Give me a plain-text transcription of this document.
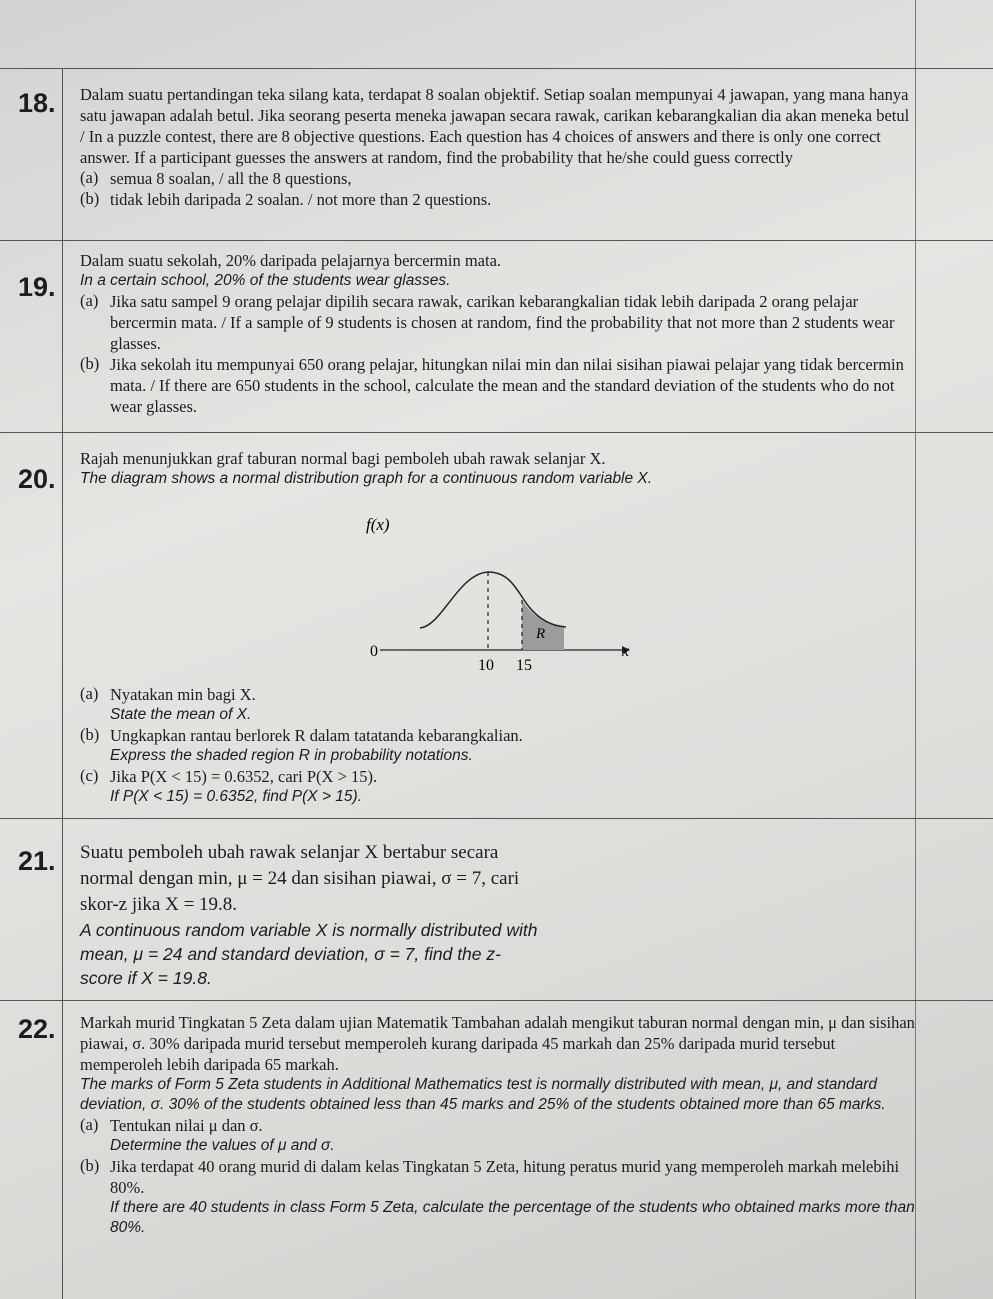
18. Dalam suatu pertandingan teka silang kata, terdapat 8 soalan objektif. Setiap soalan mempunyai 4 jawapan, yang mana hanya satu jawapan adalah betul. Jika seorang peserta meneka jawapan secara rawak, carikan kebarangkalian dia akan meneka betul / In a puzzle contest, there are 8 objective questions. Each question has 4 choices of answers and there is only one correct answer. If a participant guesses the answers at random, find the probability that he/she could guess correctly
(a) semua 8 soalan, / all the 8 questions,
(b) tidak lebih daripada 2 soalan. / not more than 2 questions.
19.
Dalam suatu sekolah, 20% daripada pelajarnya bercermin mata.
In a certain school, 20% of the students wear glasses.
(a) Jika satu sampel 9 orang pelajar dipilih secara rawak, carikan kebarangkalian tidak lebih daripada 2 orang pelajar bercermin mata. / If a sample of 9 students is chosen at random, find the probability that not more than 2 students wear glasses.
(b) Jika sekolah itu mempunyai 650 orang pelajar, hitungkan nilai min dan nilai sisihan piawai pelajar yang tidak bercermin mata. / If there are 650 students in the school, calculate the mean and the standard deviation of the students who do not wear glasses.
20.
Rajah menunjukkan graf taburan normal bagi pemboleh ubah rawak selanjar X.
The diagram shows a normal distribution graph for a continuous random variable X.
f(x)
x
0
R
10 15
(a) Nyatakan min bagi X.
State the mean of X.
(b) Ungkapkan rantau berlorek R dalam tatatanda kebarangkalian.
Express the shaded region R in probability notations.
(c) Jika P(X < 15) = 0.6352, cari P(X > 15).
If P(X < 15) = 0.6352, find P(X > 15).
21. Suatu pemboleh ubah rawak selanjar X bertabur secara normal dengan min, μ = 24 dan sisihan piawai, σ = 7, cari skor-z jika X = 19.8.
A continuous random variable X is normally distributed with mean, μ = 24 and standard deviation, σ = 7, find the z-score if X = 19.8.
22. Markah murid Tingkatan 5 Zeta dalam ujian Matematik Tambahan adalah mengikut taburan normal dengan min, μ dan sisihan piawai, σ. 30% daripada murid tersebut memperoleh kurang daripada 45 markah dan 25% daripada murid tersebut memperoleh lebih daripada 65 markah.
The marks of Form 5 Zeta students in Additional Mathematics test is normally distributed with mean, μ, and standard deviation, σ. 30% of the students obtained less than 45 marks and 25% of the students obtained more than 65 marks.
(a) Tentukan nilai μ dan σ.
Determine the values of μ and σ.
(b) Jika terdapat 40 orang murid di dalam kelas Tingkatan 5 Zeta, hitung peratus murid yang memperoleh markah melebihi 80%.
If there are 40 students in class Form 5 Zeta, calculate the percentage of the students who obtained marks more than 80%.
